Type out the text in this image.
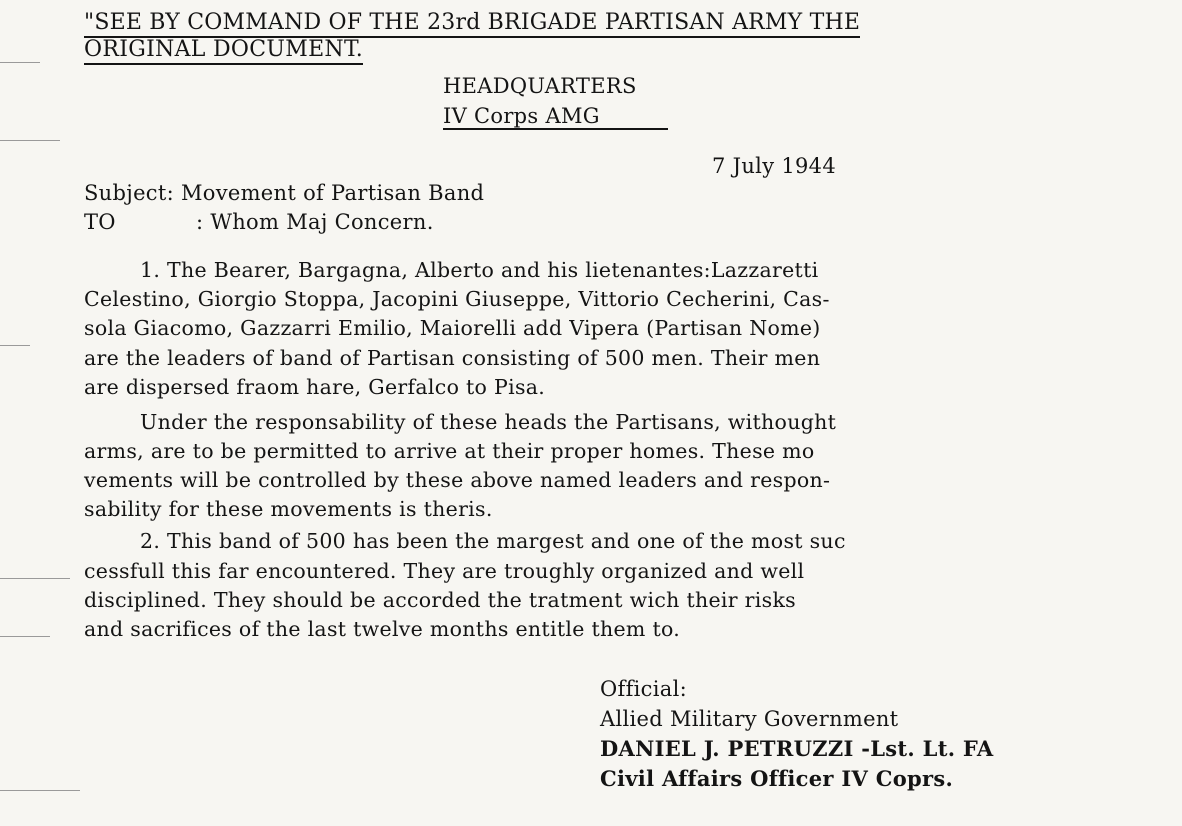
"SEE BY COMMAND OF THE 23rd BRIGADE PARTISAN ARMY THE
ORIGINAL DOCUMENT.
HEADQUARTERS
IV Corps AMG
7 July 1944
Subject: Movement of Partisan Band
TO	: Whom Maj Concern.
1. The Bearer, Bargagna, Alberto and his lietenantes:Lazzaretti
Celestino, Giorgio Stoppa, Jacopini Giuseppe, Vittorio Cecherini, Cas-
sola Giacomo, Gazzarri Emilio, Maiorelli add Vipera (Partisan Nome)
are the leaders of band of Partisan consisting of 500 men. Their men
are dispersed fraom hare, Gerfalco to Pisa.
Under the responsability of these heads the Partisans, withought
arms, are to be permitted to arrive at their proper homes. These mo
vements will be controlled by these above named leaders and respon-
sability for these movements is theris.
2. This band of 500 has been the margest and one of the most suc
cessfull this far encountered. They are troughly organized and well
disciplined. They should be accorded the tratment wich their risks
and sacrifices of the last twelve months entitle them to.
Official:
Allied Military Government
DANIEL J. PETRUZZI -Lst. Lt. FA
Civil Affairs Officer IV Coprs.
